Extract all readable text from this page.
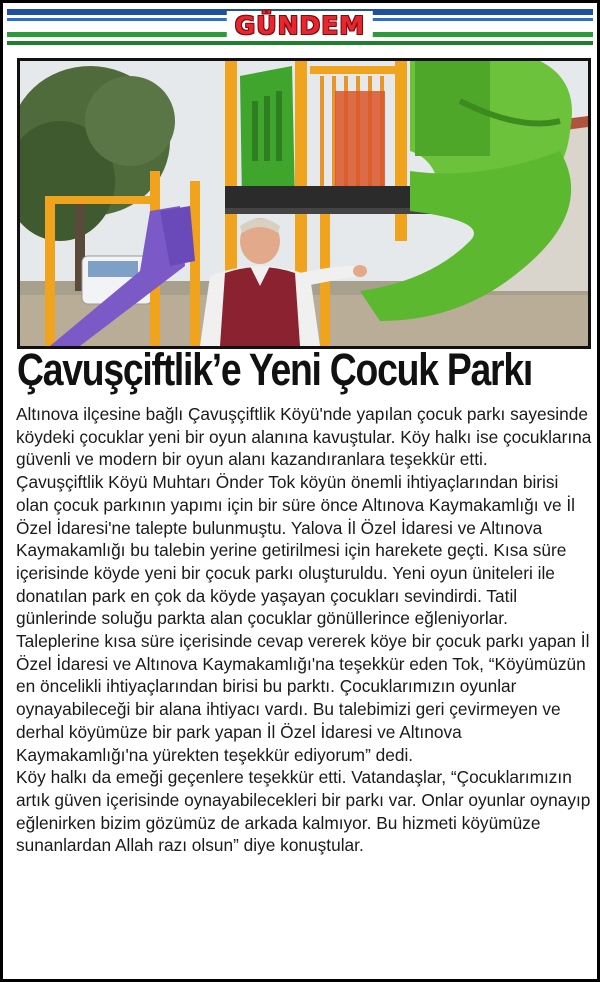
GÜNDEM
Çavuşçiftlik’e Yeni Çocuk Parkı

Altınova ilçesine bağlı Çavuşçiftlik Köyü'nde yapılan çocuk parkı sayesinde köydeki çocuklar yeni bir oyun alanına kavuştular. Köy halkı ise çocuklarına güvenli ve modern bir oyun alanı kazandıranlara teşekkür etti.

Çavuşçiftlik Köyü Muhtarı Önder Tok köyün önemli ihtiyaçlarından birisi olan çocuk parkının yapımı için bir süre önce Altınova Kaymakamlığı ve İl Özel İdaresi'ne talepte bulunmuştu. Yalova İl Özel İdaresi ve Altınova Kaymakamlığı bu talebin yerine getirilmesi için harekete geçti. Kısa süre içerisinde köyde yeni bir çocuk parkı oluşturuldu. Yeni oyun üniteleri ile donatılan park en çok da köyde yaşayan çocukları sevindirdi. Tatil günlerinde soluğu parkta alan çocuklar gönüllerince eğleniyorlar. Taleplerine kısa süre içerisinde cevap vererek köye bir çocuk parkı yapan İl Özel İdaresi ve Altınova Kaymakamlığı'na teşekkür eden Tok, “Köyümüzün en öncelikli ihtiyaçlarından birisi bu parktı. Çocuklarımızın oyunlar oynayabileceği bir alana ihtiyacı vardı. Bu talebimizi geri çevirmeyen ve derhal köyümüze bir park yapan İl Özel İdaresi ve Altınova Kaymakamlığı'na yürekten teşekkür ediyorum” dedi.

Köy halkı da emeği geçenlere teşekkür etti. Vatandaşlar, “Çocuklarımızın artık güven içerisinde oynayabilecekleri bir parkı var. Onlar oyunlar oynayıp eğlenirken bizim gözümüz de arkada kalmıyor. Bu hizmeti köyümüze sunanlardan Allah razı olsun” diye konuştular.
